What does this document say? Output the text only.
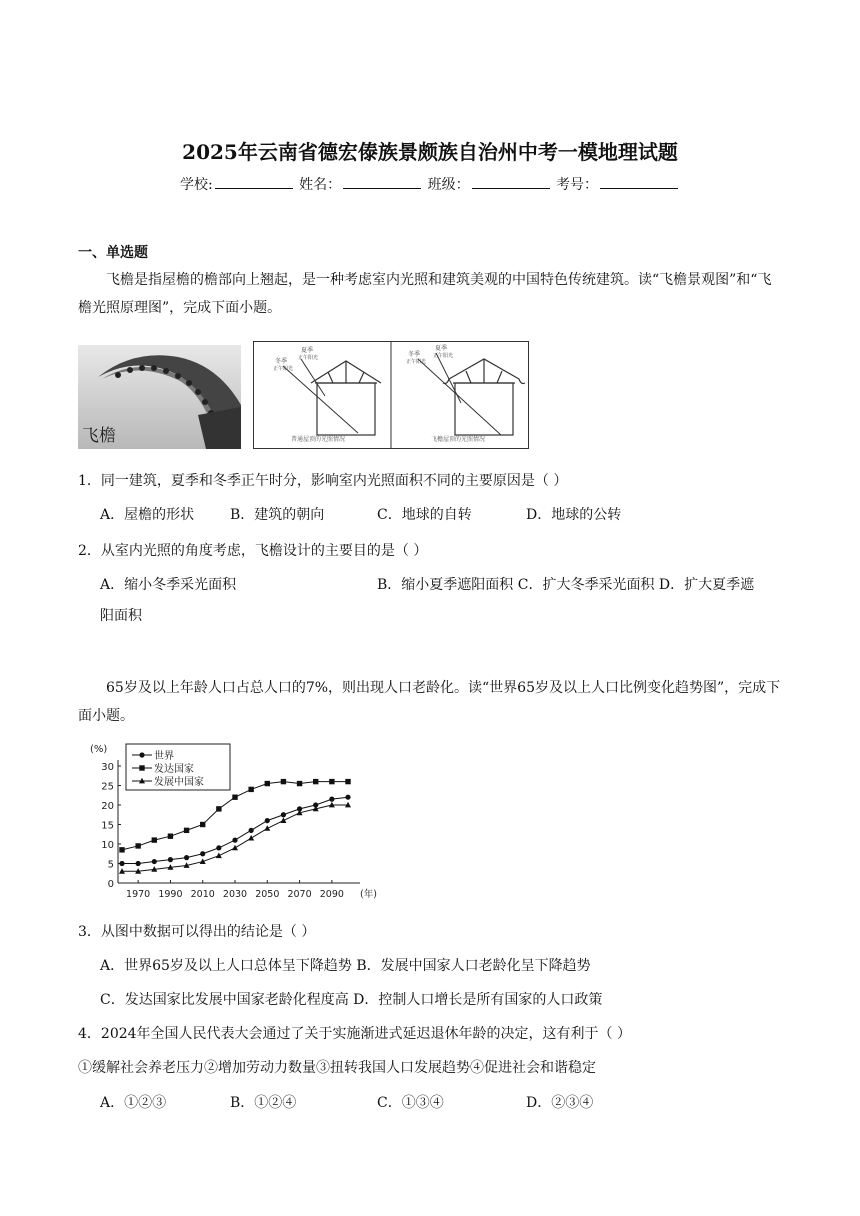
2025年云南省德宏傣族景颇族自治州中考一模地理试题
学校:	姓名：	班级：	考号：
一、单选题
飞檐是指屋檐的檐部向上翘起，是一种考虑室内光照和建筑美观的中国特色传统建筑。读“飞檐景观图”和“飞檐光照原理图”，完成下面小题。
飞檐
夏季
正午阳光
冬季
正午阳光
普通屋顶的光照情况
夏季
正午阳光
冬季
正午阳光
飞檐屋顶的光照情况
1．同一建筑，夏季和冬季正午时分，影响室内光照面积不同的主要原因是（ ）
A．屋檐的形状	B．建筑的朝向	C．地球的自转	D．地球的公转
2．从室内光照的角度考虑，飞檐设计的主要目的是（ ）
A．缩小冬季采光面积	B．缩小夏季遮阳面积 C．扩大冬季采光面积 D．扩大夏季遮
阳面积
65岁及以上年龄人口占总人口的7%，则出现人口老龄化。读“世界65岁及以上人口比例变化趋势图”，完成下面小题。
0
5
10
15
20
25
30
(%)
1970 1990 2010 2030 2050 2070 2090 (年)
世界
发达国家
发展中国家
3．从图中数据可以得出的结论是（ ）
A．世界65岁及以上人口总体呈下降趋势 B．发展中国家人口老龄化呈下降趋势
C．发达国家比发展中国家老龄化程度高 D．控制人口增长是所有国家的人口政策
4．2024年全国人民代表大会通过了关于实施渐进式延迟退休年龄的决定，这有利于（ ）
①缓解社会养老压力②增加劳动力数量③扭转我国人口发展趋势④促进社会和谐稳定
A．①②③	B．①②④	C．①③④	D．②③④
